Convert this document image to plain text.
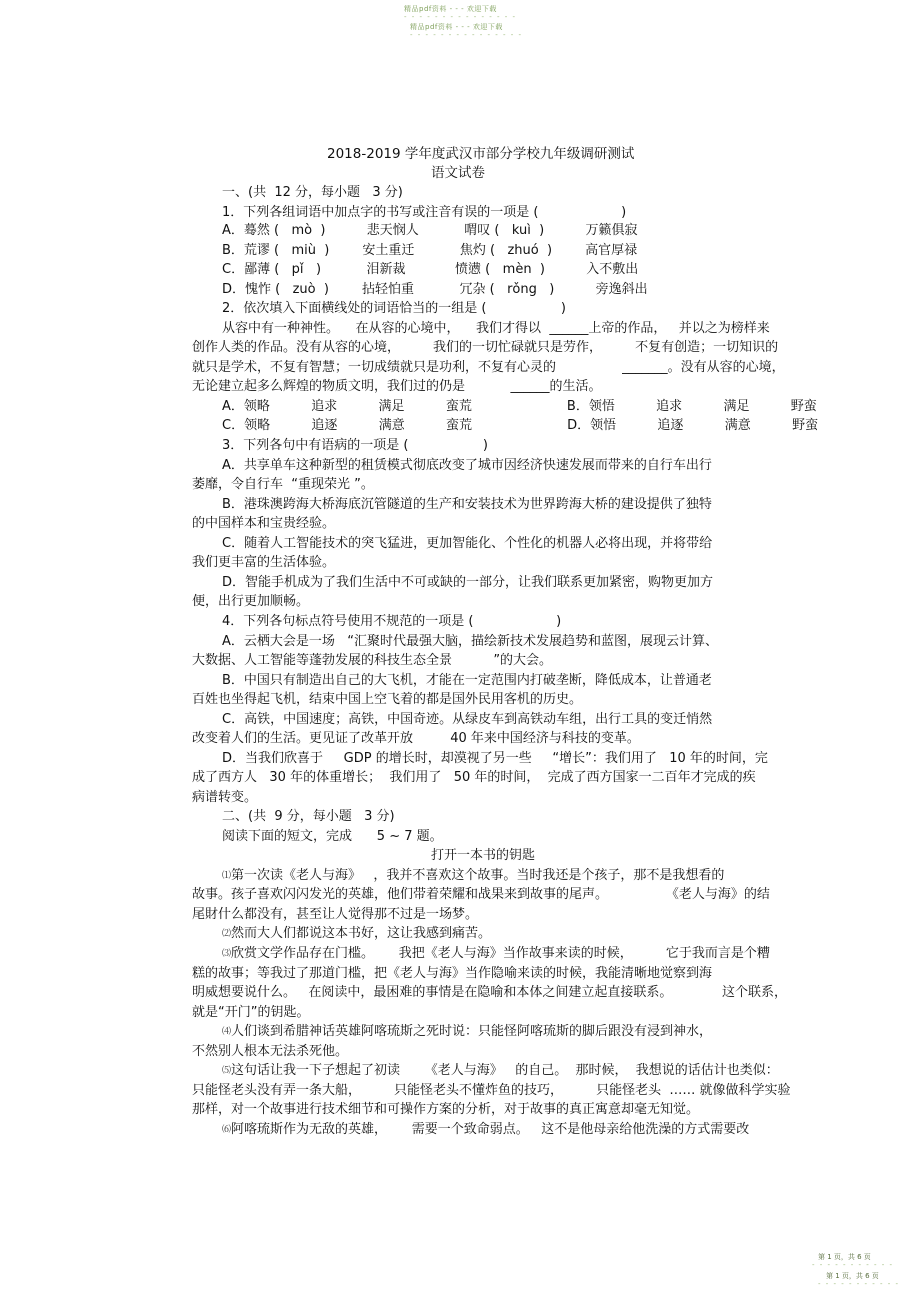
精品pdf资料 - - - 欢迎下载
- - - - - - - - - - - - - - -
精品pdf资料 - - - 欢迎下载
- - - - - - - - - - - - - - -
2018-2019 学年度武汉市部分学校九年级调研测试
语文试卷
一、(共  12 分，每小题   3 分)
1．下列各组词语中加点字的书写或注音有误的一项是 (                    )
A．蓦然 (   mò  )          悲天悯人           喟叹 (   kuì  )          万籁俱寂
B．荒谬 (   miù  )        安土重迁           焦灼 (   zhuó  )        高官厚禄
C．鄙薄 (   pǐ   )           泪新裁            愤懑 (   mèn  )          入不敷出
D．愧怍 (   zuò  )        拈轻怕重           冗杂 (   rǒng   )          旁逸斜出
2．依次填入下面横线处的词语恰当的一组是 (                  )
从容中有一种神性。    在从容的心境中，    我们才得以  ______上帝的作品，   并以之为榜样来
创作人类的作品。没有从容的心境，        我们的一切忙碌就只是劳作，        不复有创造；一切知识的
就只是学术，不复有智慧；一切成绩就只是功利，不复有心灵的                _______。没有从容的心境，
无论建立起多么辉煌的物质文明，我们过的仍是           ______的生活。
A．领略          追求          满足          蛮荒                       B．领悟          追求          满足          野蛮
C．领略          追逐          满意          蛮荒                       D．领悟          追逐          满意          野蛮
3．下列各句中有语病的一项是 (                  )
A．共享单车这种新型的租赁模式彻底改变了城市因经济快速发展而带来的自行车出行
萎靡，令自行车  “重现荣光 ”。
B．港珠澳跨海大桥海底沉管隧道的生产和安装技术为世界跨海大桥的建设提供了独特
的中国样本和宝贵经验。
C．随着人工智能技术的突飞猛进，更加智能化、个性化的机器人必将出现，并将带给
我们更丰富的生活体验。
D．智能手机成为了我们生活中不可或缺的一部分，让我们联系更加紧密，购物更加方
便，出行更加顺畅。
4．下列各句标点符号使用不规范的一项是 (                    )
A．云栖大会是一场   “汇聚时代最强大脑，描绘新技术发展趋势和蓝图，展现云计算、
大数据、人工智能等蓬勃发展的科技生态全景          ”的大会。
B．中国只有制造出自己的大飞机，才能在一定范围内打破垄断，降低成本，让普通老
百姓也坐得起飞机，结束中国上空飞着的都是国外民用客机的历史。
C．高铁，中国速度；高铁，中国奇迹。从绿皮车到高铁动车组，出行工具的变迁悄然
改变着人们的生活。更见证了改革开放         40 年来中国经济与科技的变革。
D．当我们欣喜于     GDP 的增长时，却漠视了另一些     “增长”：我们用了   10 年的时间，完
成了西方人   30 年的体重增长；  我们用了   50 年的时间，  完成了西方国家一二百年才完成的疾
病谱转变。
二、(共  9 分，每小题   3 分)
阅读下面的短文，完成      5 ~ 7 题。
打开一本书的钥匙
⑴第一次读《老人与海》   ，我并不喜欢这个故事。当时我还是个孩子，那不是我想看的
故事。孩子喜欢闪闪发光的英雄，他们带着荣耀和战果来到故事的尾声。              《老人与海》的结
尾財什么都没有，甚至让人觉得那不过是一场梦。
⑵然而大人们都说这本书好，这让我感到痛苦。
⑶欣赏文学作品存在门槛。      我把《老人与海》当作故事来读的时候，        它于我而言是个糟
糕的故事；等我过了那道门槛，把《老人与海》当作隐喻来读的时候，我能清晰地觉察到海
明威想要说什么。   在阅读中，最困难的事情是在隐喻和本体之间建立起直接联系。            这个联系，
就是“开门”的钥匙。
⑷人们谈到希腊神话英雄阿喀琉斯之死时说：只能怪阿喀琉斯的脚后跟没有浸到神水，
不然别人根本无法杀死他。
⑸这句话让我一下子想起了初读      《老人与海》   的自己。  那时候，  我想说的话估计也类似：
只能怪老头没有弄一条大船，        只能怪老头不懂炸鱼的技巧，        只能怪老头  …… 就像做科学实验
那样，对一个故事进行技术细节和可操作方案的分析，对于故事的真正寓意却毫无知觉。
⑹阿喀琉斯作为无敌的英雄，      需要一个致命弱点。   这不是他母亲给他洗澡的方式需要改
第 1 页，共 6 页
- - - - - - - - - - -
第 1 页，共 6 页
- - - - - - - - - - -
